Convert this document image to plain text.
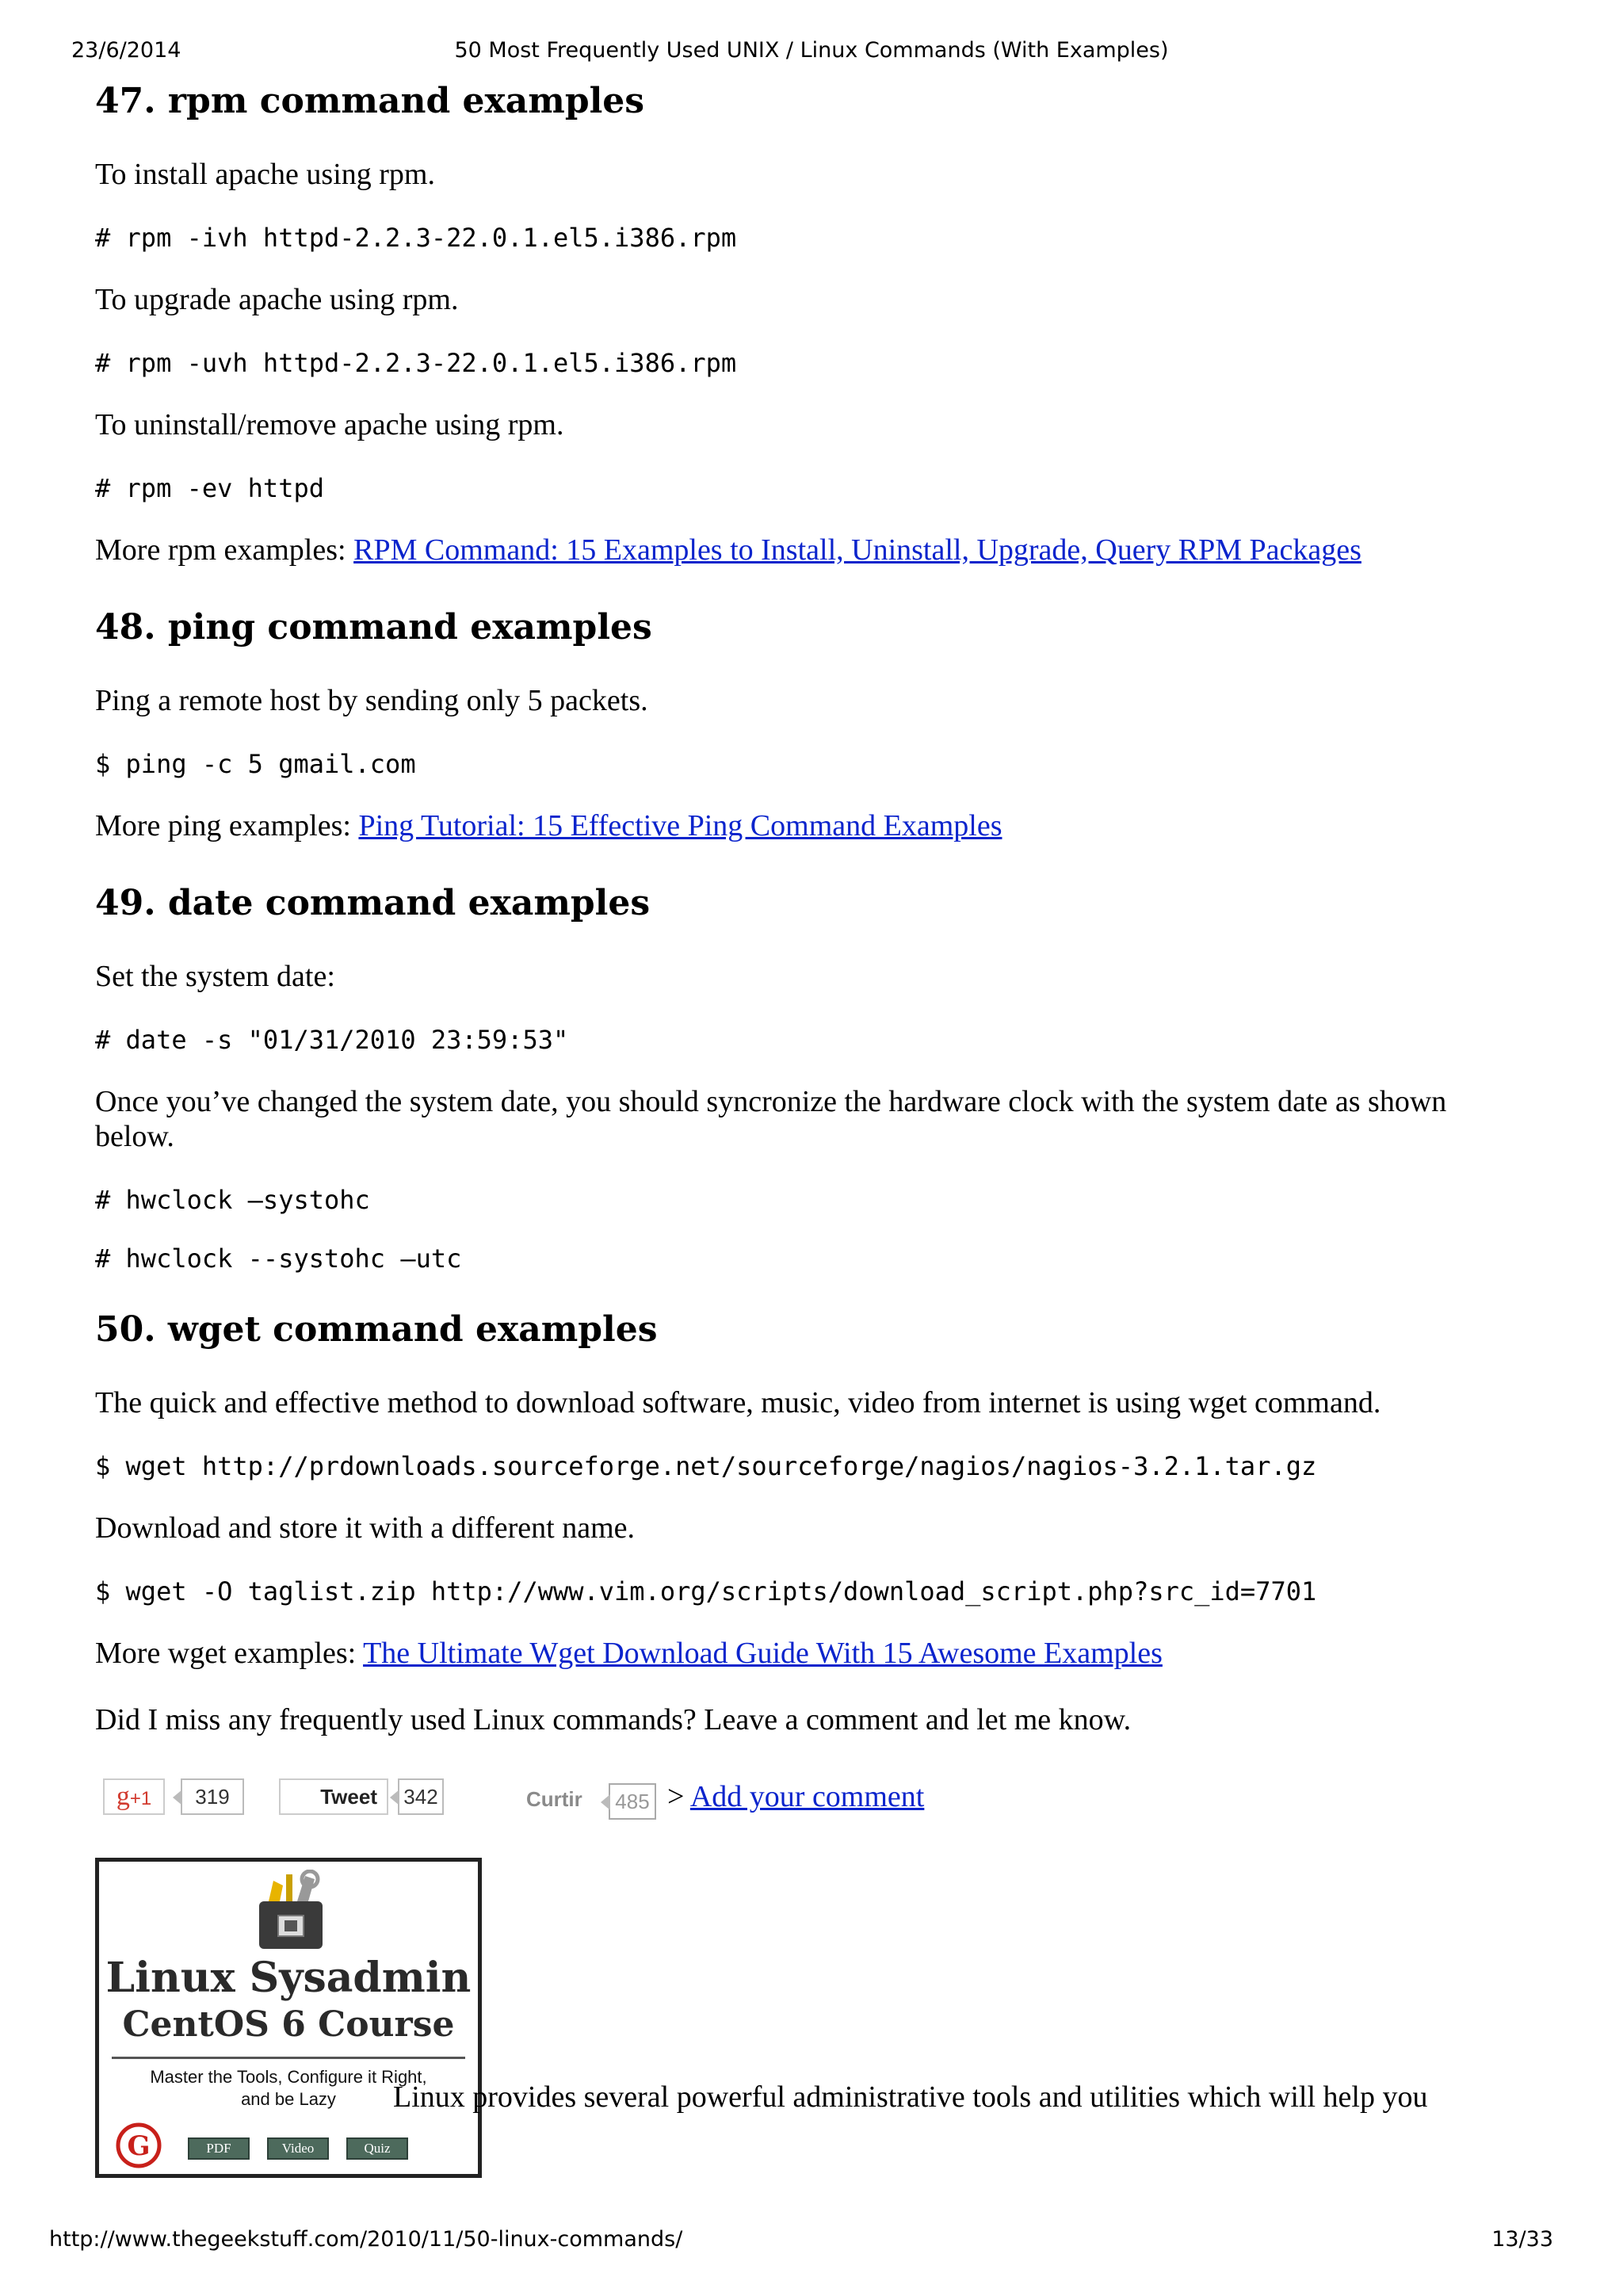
23/6/2014	50 Most Frequently Used UNIX / Linux Commands (With Examples)
47. rpm command examples

To install apache using rpm.

# rpm -ivh httpd-2.2.3-22.0.1.el5.i386.rpm

To upgrade apache using rpm.

# rpm -uvh httpd-2.2.3-22.0.1.el5.i386.rpm

To uninstall/remove apache using rpm.

# rpm -ev httpd

More rpm examples: RPM Command: 15 Examples to Install, Uninstall, Upgrade, Query RPM Packages

48. ping command examples

Ping a remote host by sending only 5 packets.

$ ping -c 5 gmail.com

More ping examples: Ping Tutorial: 15 Effective Ping Command Examples

49. date command examples

Set the system date:

# date -s "01/31/2010 23:59:53"

Once you’ve changed the system date, you should syncronize the hardware clock with the system date as shown below.

# hwclock –systohc

# hwclock --systohc –utc

50. wget command examples

The quick and effective method to download software, music, video from internet is using wget command.

$ wget http://prdownloads.sourceforge.net/sourceforge/nagios/nagios-3.2.1.tar.gz

Download and store it with a different name.

$ wget -O taglist.zip http://www.vim.org/scripts/download_script.php?src_id=7701

More wget examples: The Ultimate Wget Download Guide With 15 Awesome Examples

Did I miss any frequently used Linux commands? Leave a comment and let me know.

g+1	319	Tweet	342	Curtir	485 > Add your comment
Linux Sysadmin
CentOS 6 Course
Master the Tools, Configure it Right,
and be Lazy
G	PDF	Video	Quiz
Linux provides several powerful administrative tools and utilities which will help you
http://www.thegeekstuff.com/2010/11/50-linux-commands/	13/33
